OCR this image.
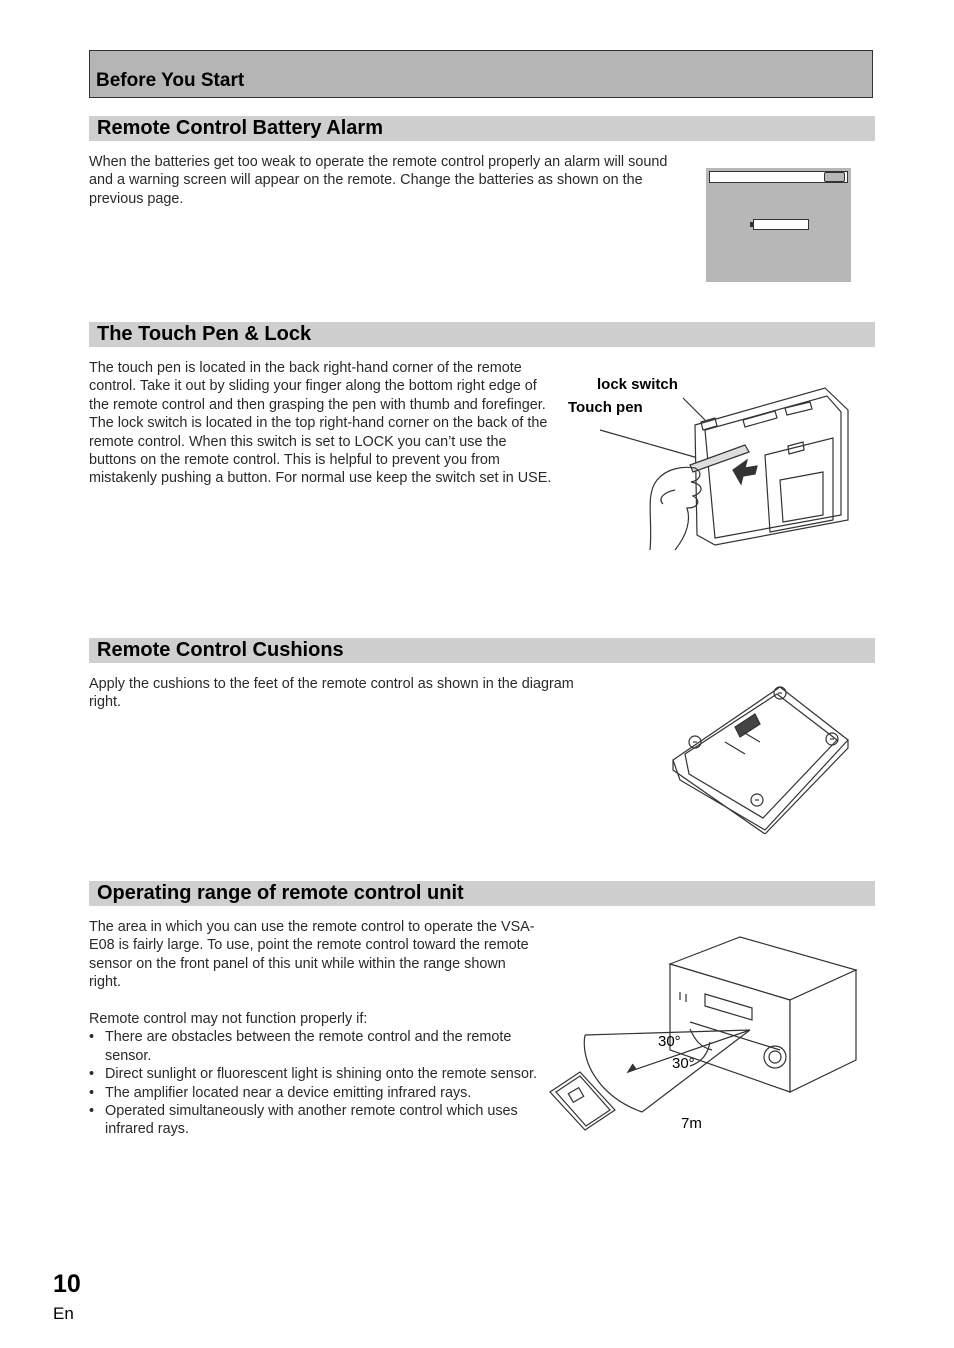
Before You Start
Remote Control Battery Alarm

When the batteries get too weak to operate the remote control properly an alarm will sound and a warning screen will appear on the remote. Change the batteries as shown on the previous page.

The Touch Pen & Lock

The touch pen is located in the back right-hand corner of the remote control. Take it out by sliding your finger along the bottom right edge of the remote control and then grasping the pen with thumb and forefinger.

The lock switch is located in the top right-hand corner on the back of the remote control. When this switch is set to LOCK you can’t use the buttons on the remote control. This is helpful to prevent you from mistakenly pushing a button. For normal use keep the switch set in USE.

lock switch
Touch pen
Remote Control Cushions

Apply the cushions to the feet of the remote control as shown in the diagram right.

Operating range of remote control unit

The area in which you can use the remote control to operate the VSA-E08 is fairly large. To use, point the remote control toward the remote sensor on the front panel of this unit while within the range shown right.

Remote control may not function properly if:

• There are obstacles between the remote control and the remote sensor.
• Direct sunlight or fluorescent light is shining onto the remote sensor.
• The amplifier located near a device emitting infrared rays.
• Operated simultaneously with another remote control which uses infrared rays.
30°
30°
7m
10
En
